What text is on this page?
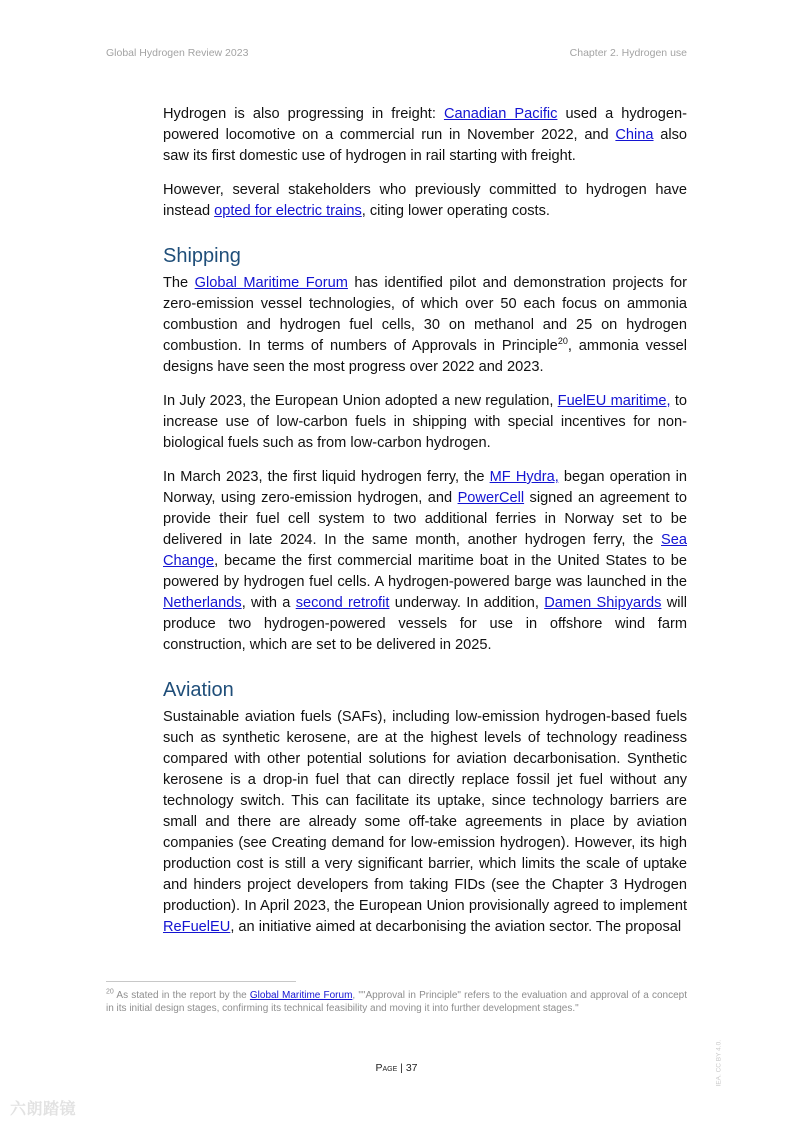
Global Hydrogen Review 2023	Chapter 2. Hydrogen use

Hydrogen is also progressing in freight: Canadian Pacific used a hydrogen-powered locomotive on a commercial run in November 2022, and China also saw its first domestic use of hydrogen in rail starting with freight.

However, several stakeholders who previously committed to hydrogen have instead opted for electric trains, citing lower operating costs.

Shipping

The Global Maritime Forum has identified pilot and demonstration projects for zero-emission vessel technologies, of which over 50 each focus on ammonia combustion and hydrogen fuel cells, 30 on methanol and 25 on hydrogen combustion. In terms of numbers of Approvals in Principle$^{20}$, ammonia vessel designs have seen the most progress over 2022 and 2023.

In July 2023, the European Union adopted a new regulation, FuelEU maritime, to increase use of low-carbon fuels in shipping with special incentives for non-biological fuels such as from low-carbon hydrogen.

In March 2023, the first liquid hydrogen ferry, the MF Hydra, began operation in Norway, using zero-emission hydrogen, and PowerCell signed an agreement to provide their fuel cell system to two additional ferries in Norway set to be delivered in late 2024. In the same month, another hydrogen ferry, the Sea Change, became the first commercial maritime boat in the United States to be powered by hydrogen fuel cells. A hydrogen-powered barge was launched in the Netherlands, with a second retrofit underway. In addition, Damen Shipyards will produce two hydrogen-powered vessels for use in offshore wind farm construction, which are set to be delivered in 2025.

Aviation

Sustainable aviation fuels (SAFs), including low-emission hydrogen-based fuels such as synthetic kerosene, are at the highest levels of technology readiness compared with other potential solutions for aviation decarbonisation. Synthetic kerosene is a drop-in fuel that can directly replace fossil jet fuel without any technology switch. This can facilitate its uptake, since technology barriers are small and there are already some off-take agreements in place by aviation companies (see Creating demand for low-emission hydrogen). However, its high production cost is still a very significant barrier, which limits the scale of uptake and hinders project developers from taking FIDs (see the Chapter 3 Hydrogen production). In April 2023, the European Union provisionally agreed to implement ReFuelEU, an initiative aimed at decarbonising the aviation sector. The proposal

$^{20}$ As stated in the report by the Global Maritime Forum, ""Approval in Principle" refers to the evaluation and approval of a concept in its initial design stages, confirming its technical feasibility and moving it into further development stages."
Page | 37	IEA. CC BY 4.0.
六朗踏镜
